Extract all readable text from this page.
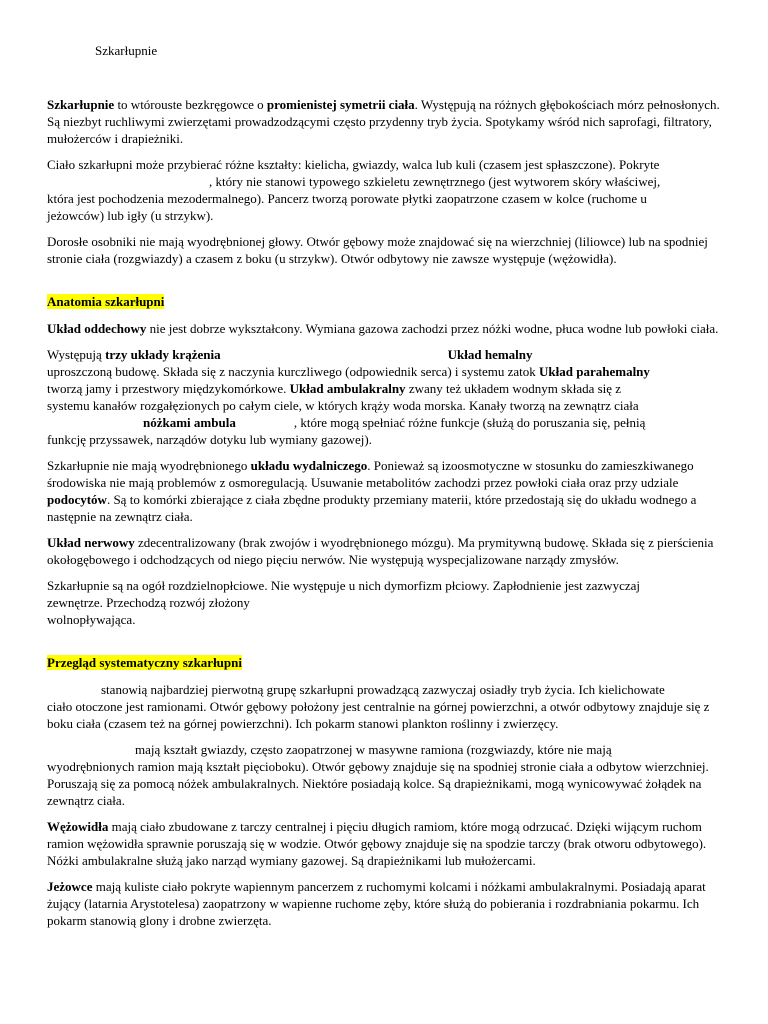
Szkarłupnie

Szkarłupnie to wtórouste bezkręgowce o promienistej symetrii ciała. Występują na różnych głębokościach mórz pełnosłonych. Są niezbyt ruchliwymi zwierzętami prowadzodzącymi często przydenny tryb życia. Spotykamy wśród nich saprofagi, filtratory, mułożerców i drapieżniki.

Ciało szkarłupni może przybierać różne kształty: kielicha, gwiazdy, walca lub kuli (czasem jest spłaszczone). Pokryte
, który nie stanowi typowego szkieletu zewnętrznego (jest wytworem skóry właściwej,
która jest pochodzenia mezodermalnego). Pancerz tworzą porowate płytki zaopatrzone czasem w kolce (ruchome u
jeżowców) lub igły (u strzykw).

Dorosłe osobniki nie mają wyodrębnionej głowy. Otwór gębowy może znajdować się na wierzchniej (liliowce) lub na spodniej stronie ciała (rozgwiazdy) a czasem z boku (u strzykw). Otwór odbytowy nie zawsze występuje (wężowidła).

Anatomia szkarłupni

Układ oddechowy nie jest dobrze wykształcony. Wymiana gazowa zachodzi przez nóżki wodne, płuca wodne lub powłoki ciała.

Występują trzy układy krążenia	Układ hemalny
uproszczoną budowę. Składa się z naczynia kurczliwego (odpowiednik serca) i systemu zatok Układ parahemalny
tworzą jamy i przestwory międzykomórkowe. Układ ambulakralny zwany też układem wodnym składa się z
systemu kanałów rozgałęzionych po całym ciele, w których krąży woda morska. Kanały tworzą na zewnątrz ciała
nóżkami ambula	, które mogą spełniać różne funkcje (służą do poruszania się, pełnią
funkcję przyssawek, narządów dotyku lub wymiany gazowej).

Szkarłupnie nie mają wyodrębnionego układu wydalniczego. Ponieważ są izoosmotyczne w stosunku do zamieszkiwanego środowiska nie mają problemów z osmoregulacją. Usuwanie metabolitów zachodzi przez powłoki ciała oraz przy udziale podocytów. Są to komórki zbierające z ciała zbędne produkty przemiany materii, które przedostają się do układu wodnego a następnie na zewnątrz ciała.

Układ nerwowy zdecentralizowany (brak zwojów i wyodrębnionego mózgu). Ma prymitywną budowę. Składa się z pierścienia okołogębowego i odchodzących od niego pięciu nerwów. Nie występują wyspecjalizowane narządy zmysłów.

Szkarłupnie są na ogół rozdzielnopłciowe. Nie występuje u nich dymorfizm płciowy. Zapłodnienie jest zazwyczaj
zewnętrze. Przechodzą rozwój złożony
wolnopływająca.

Przegląd systematyczny szkarłupni

stanowią najbardziej pierwotną grupę szkarłupni prowadzącą zazwyczaj osiadły tryb życia. Ich kielichowate
ciało otoczone jest ramionami. Otwór gębowy położony jest centralnie na górnej powierzchni, a otwór odbytowy znajduje się z boku ciała (czasem też na górnej powierzchni). Ich pokarm stanowi plankton roślinny i zwierzęcy.

mają kształt gwiazdy, często zaopatrzonej w masywne ramiona (rozgwiazdy, które nie mają
wyodrębnionych ramion mają kształt pięcioboku). Otwór gębowy znajduje się na spodniej stronie ciała a odbytow wierzchniej. Poruszają się za pomocą nóżek ambulakralnych. Niektóre posiadają kolce. Są drapieżnikami, mogą wynicowywać żołądek na zewnątrz ciała.

Wężowidła mają ciało zbudowane z tarczy centralnej i pięciu długich ramiom, które mogą odrzucać. Dzięki wijącym ruchom ramion wężowidła sprawnie poruszają się w wodzie. Otwór gębowy znajduje się na spodzie tarczy (brak otworu odbytowego). Nóżki ambulakralne służą jako narząd wymiany gazowej. Są drapieżnikami lub mułożercami.

Jeżowce mają kuliste ciało pokryte wapiennym pancerzem z ruchomymi kolcami i nóżkami ambulakralnymi. Posiadają aparat żujący (latarnia Arystotelesa) zaopatrzony w wapienne ruchome zęby, które służą do pobierania i rozdrabniania pokarmu. Ich pokarm stanowią glony i drobne zwierzęta.
